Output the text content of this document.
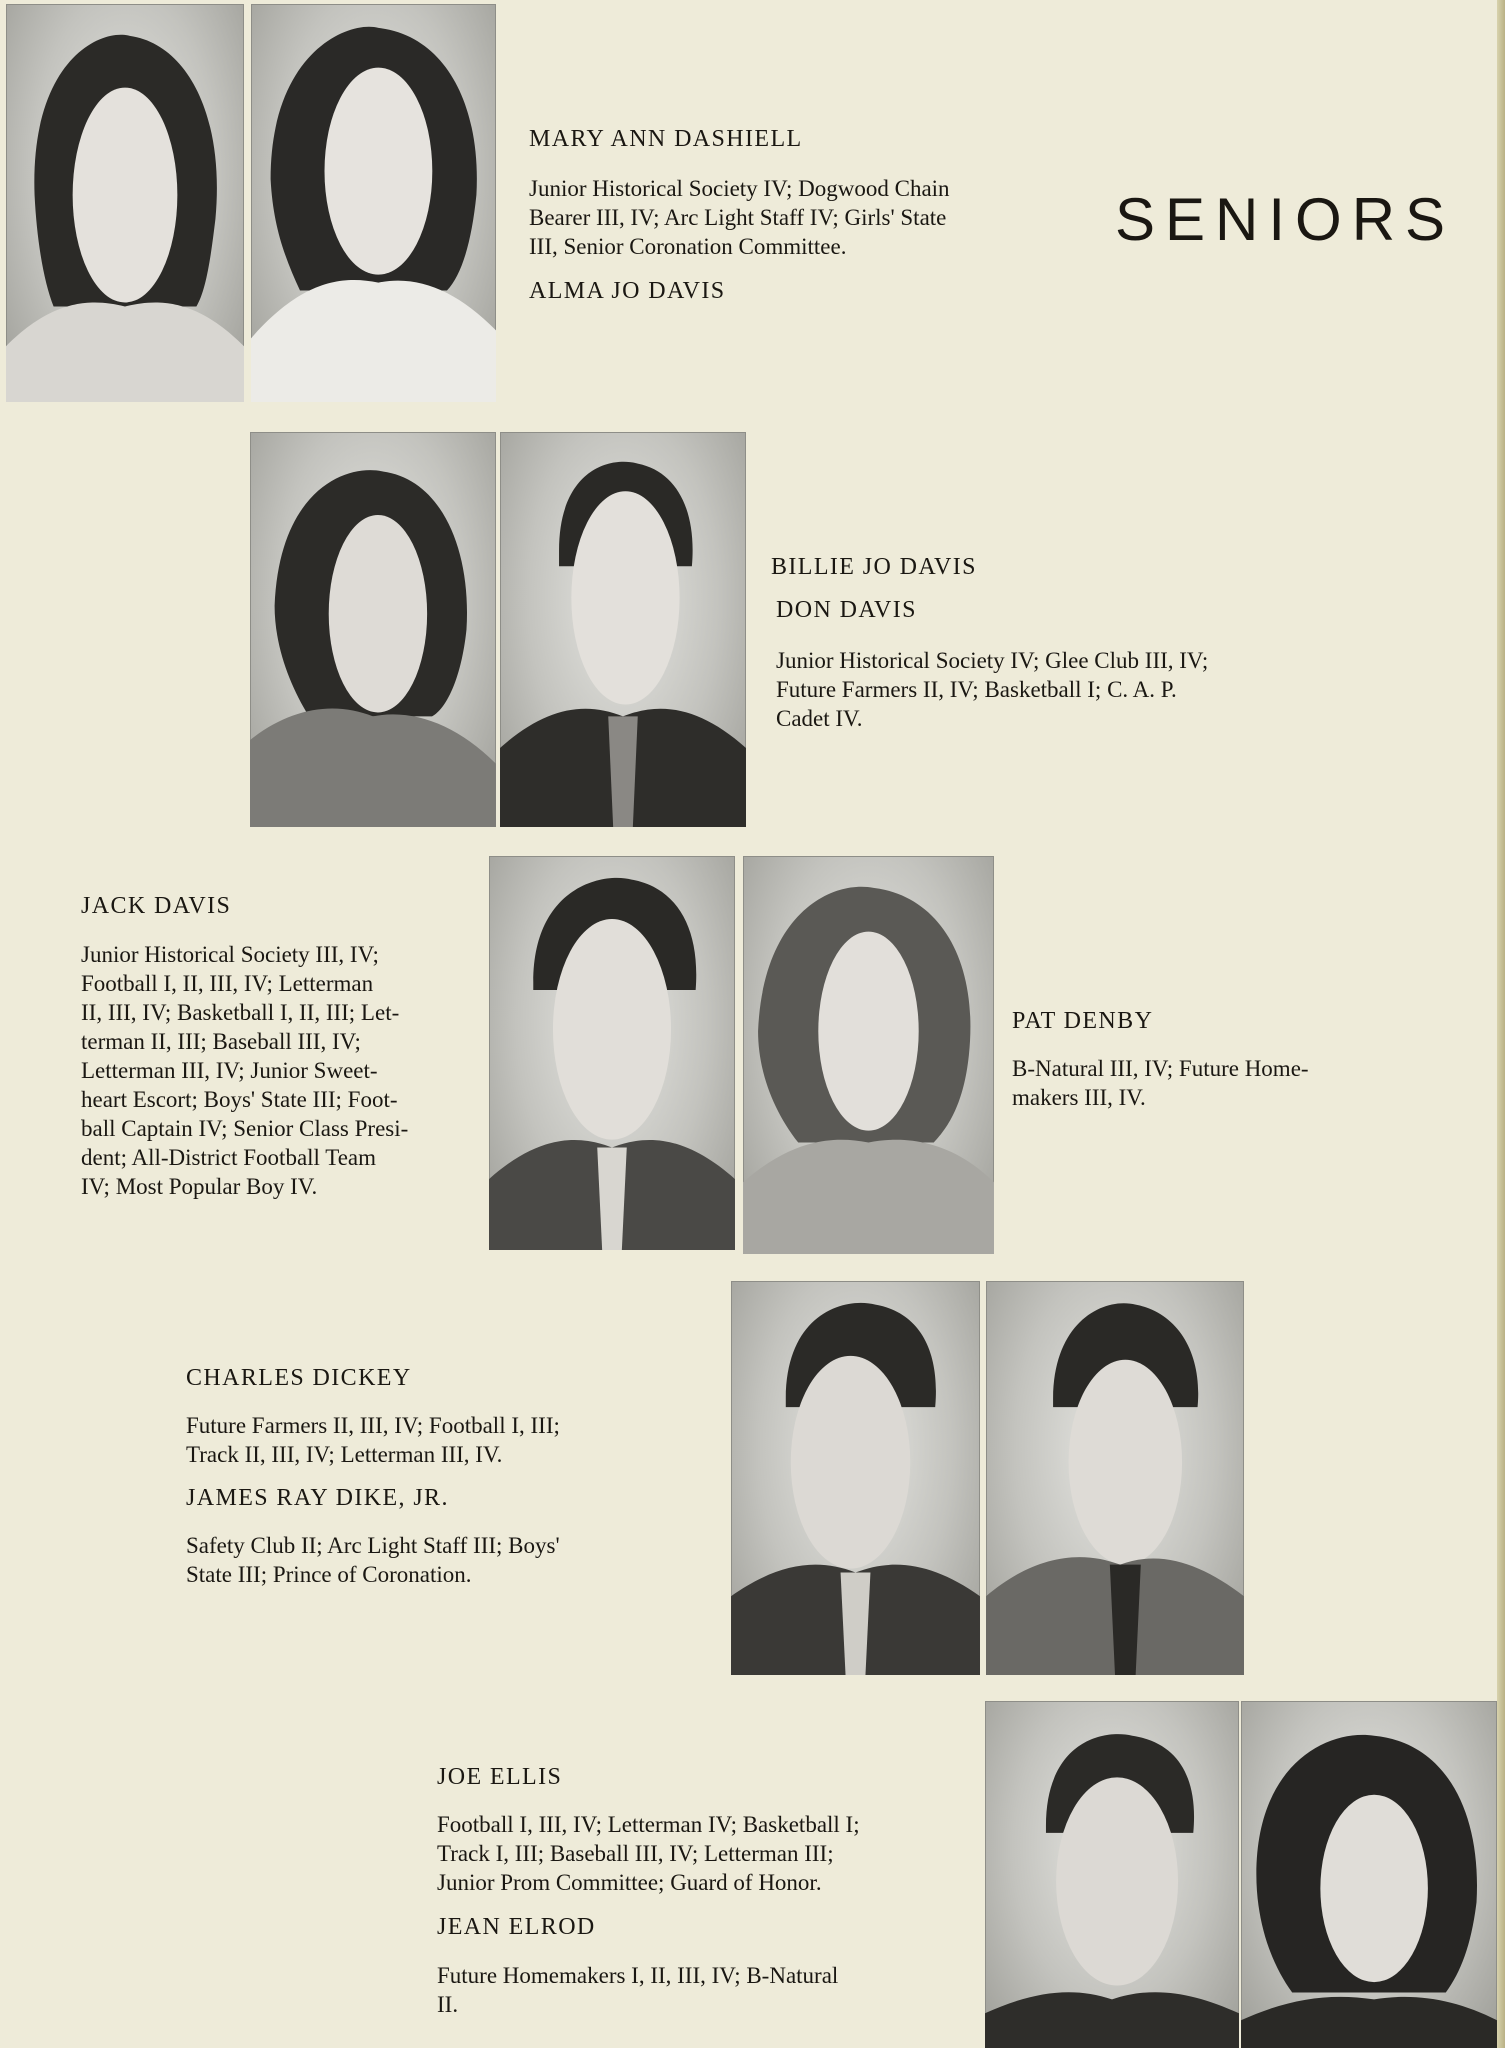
SENIORS
MARY ANN DASHIELL

Junior Historical Society IV; Dogwood Chain
Bearer III, IV; Arc Light Staff IV; Girls' State
III, Senior Coronation Committee.

ALMA JO DAVIS
BILLIE JO DAVIS
DON DAVIS

Junior Historical Society IV; Glee Club III, IV;
Future Farmers II, IV; Basketball I; C. A. P.
Cadet IV.

JACK DAVIS

Junior Historical Society III, IV;
Football I, II, III, IV; Letterman
II, III, IV; Basketball I, II, III; Let-
terman II, III; Baseball III, IV;
Letterman III, IV; Junior Sweet-
heart Escort; Boys' State III; Foot-
ball Captain IV; Senior Class Presi-
dent; All-District Football Team
IV; Most Popular Boy IV.

PAT DENBY

B-Natural III, IV; Future Home-
makers III, IV.

CHARLES DICKEY

Future Farmers II, III, IV; Football I, III;
Track II, III, IV; Letterman III, IV.

JAMES RAY DIKE, JR.

Safety Club II; Arc Light Staff III; Boys'
State III; Prince of Coronation.

JOE ELLIS

Football I, III, IV; Letterman IV; Basketball I;
Track I, III; Baseball III, IV; Letterman III;
Junior Prom Committee; Guard of Honor.

JEAN ELROD

Future Homemakers I, II, III, IV; B-Natural
II.
